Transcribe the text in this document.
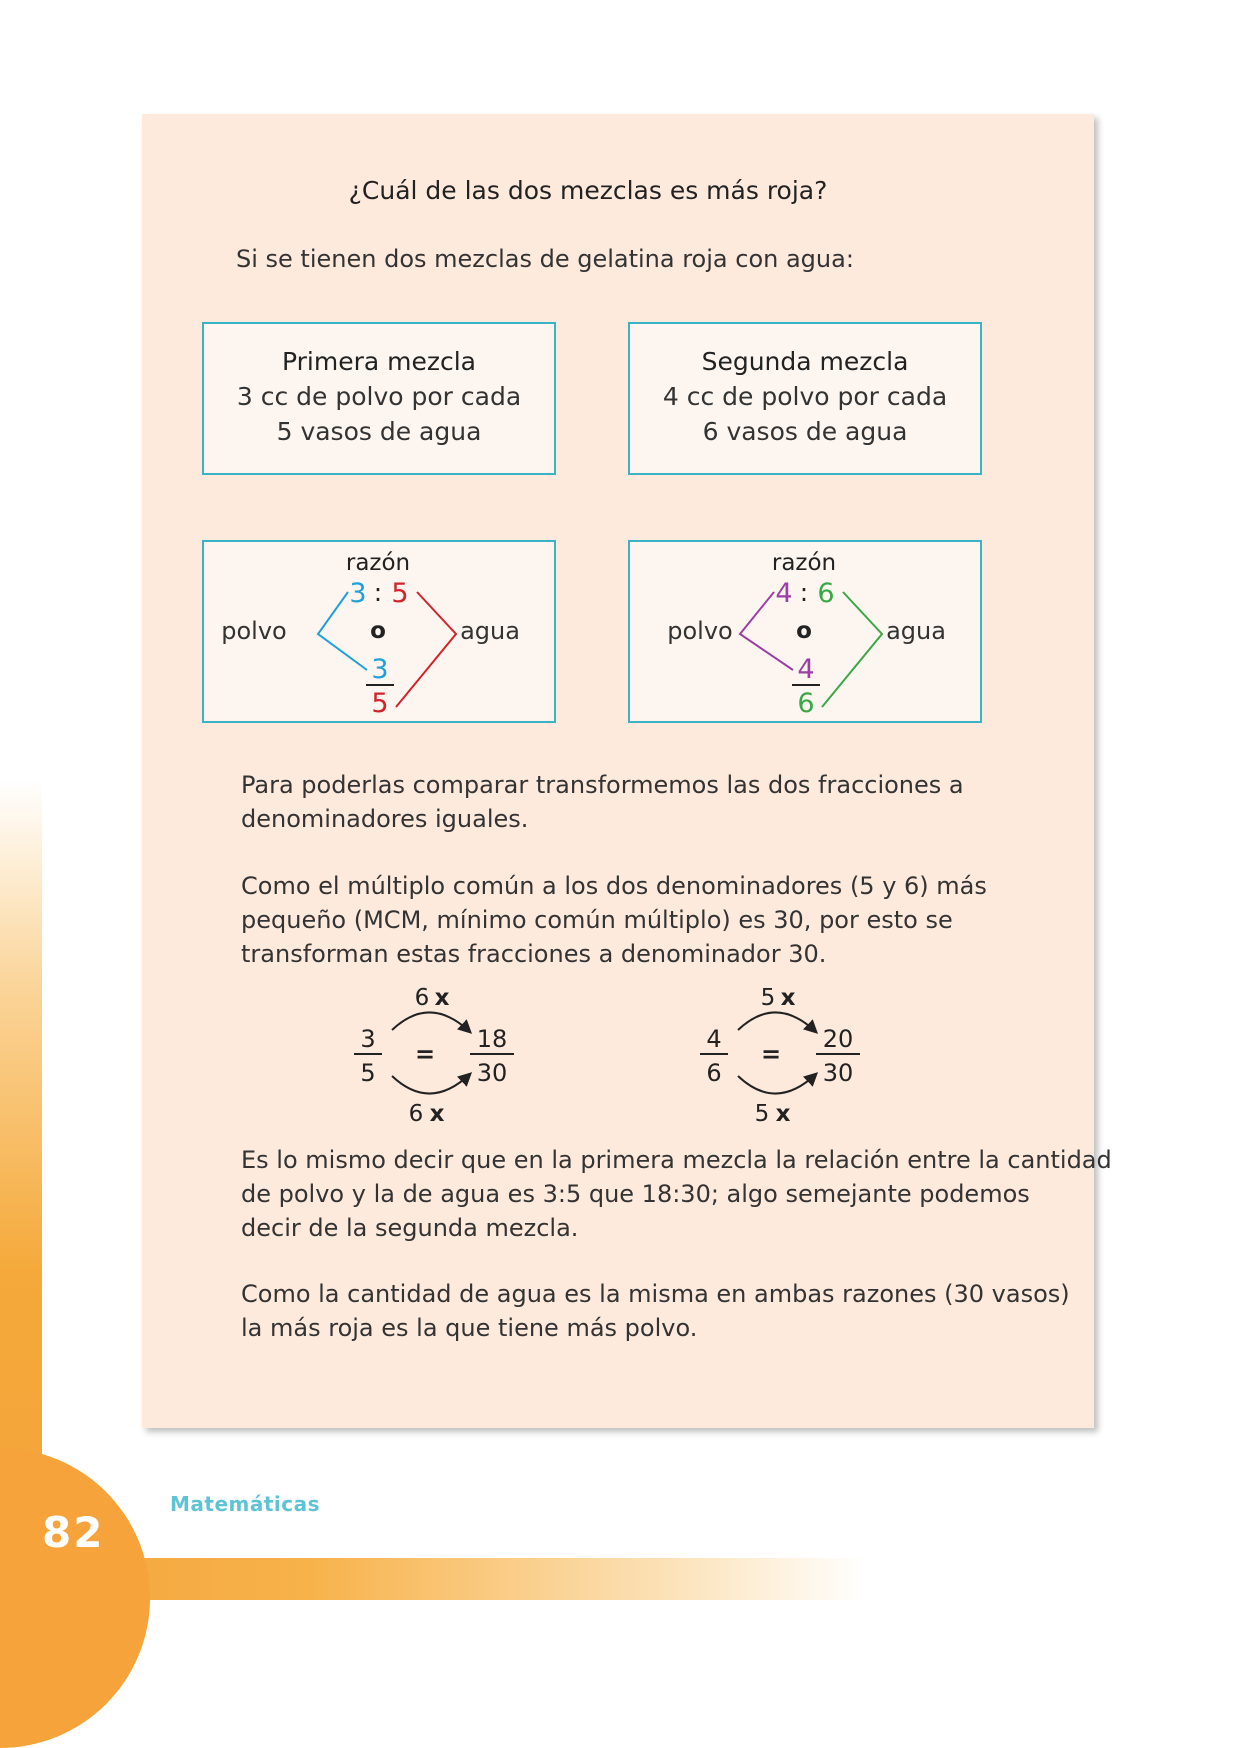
¿Cuál de las dos mezclas es más roja?

Si se tienen dos mezclas de gelatina roja con agua:

Primera mezcla
3 cc de polvo por cada
5 vasos de agua
Segunda mezcla
4 cc de polvo por cada
6 vasos de agua
razón
3 : 5
o
polvo	agua
3
5
razón
4 : 6
o
polvo	agua
4
6

Para poderlas comparar transformemos las dos fracciones a
denominadores iguales.

Como el múltiplo común a los dos denominadores (5 y 6) más
pequeño (MCM, mínimo común múltiplo) es 30, por esto se
transforman estas fracciones a denominador 30.

6 x
3
5
=
18
30
6 x
5 x
4
6
=
20
30
5 x

Es lo mismo decir que en la primera mezcla la relación entre la cantidad
de polvo y la de agua es 3:5 que 18:30; algo semejante podemos
decir de la segunda mezcla.

Como la cantidad de agua es la misma en ambas razones (30 vasos)
la más roja es la que tiene más polvo.

82
Matemáticas
